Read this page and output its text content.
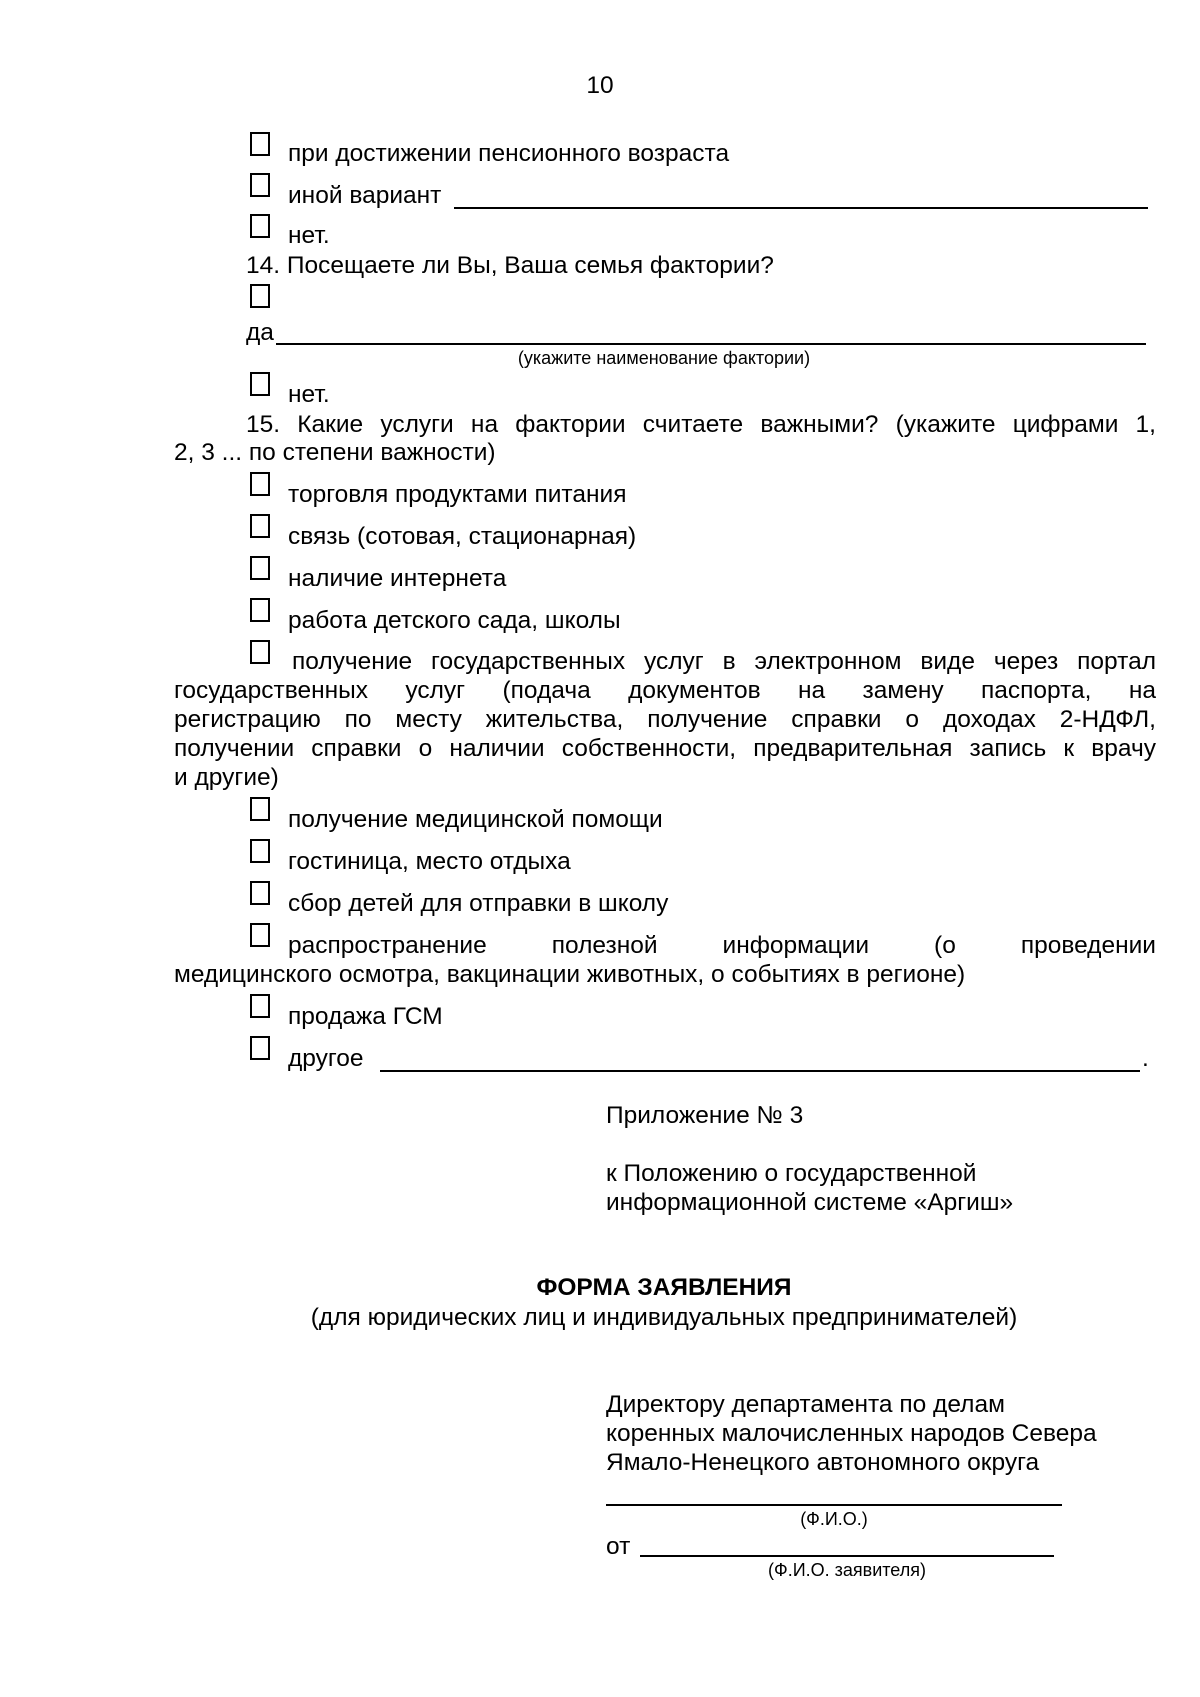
10
при достижении пенсионного возраста
иной вариант
нет.
14. Посещаете ли Вы, Ваша семья фактории?
да
(укажите наименование фактории)
нет.
15. Какие услуги на фактории считаете важными? (укажите цифрами 1,
2, 3 ... по степени важности)
торговля продуктами питания
связь (сотовая, стационарная)
наличие интернета
работа детского сада, школы
получение государственных услуг в электронном виде через портал
государственных услуг (подача документов на замену паспорта, на
регистрацию по месту жительства, получение справки о доходах 2-НДФЛ,
получении справки о наличии собственности, предварительная запись к врачу
и другие)
получение медицинской помощи
гостиница, место отдыха
сбор детей для отправки в школу
распространение полезной информации (о проведении
медицинского осмотра, вакцинации животных, о событиях в регионе)
продажа ГСМ
другое	.
Приложение № 3
к Положению о государственной
информационной системе «Аргиш»
ФОРМА ЗАЯВЛЕНИЯ
(для юридических лиц и индивидуальных предпринимателей)
Директору департамента по делам
коренных малочисленных народов Севера
Ямало-Ненецкого автономного округа
(Ф.И.О.)
от
(Ф.И.О. заявителя)
